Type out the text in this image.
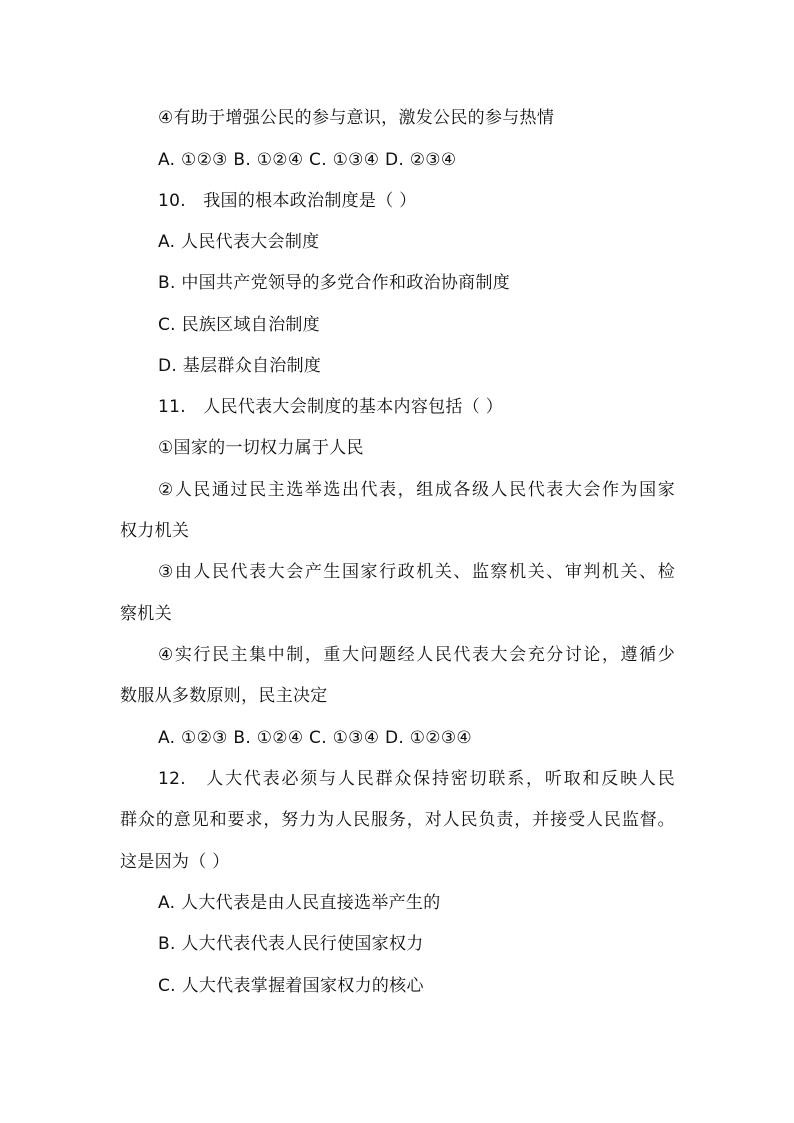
④有助于增强公民的参与意识，激发公民的参与热情
A. ①②③ B. ①②④ C. ①③④ D. ②③④
10.　我国的根本政治制度是（ ）
A. 人民代表大会制度
B. 中国共产党领导的多党合作和政治协商制度
C. 民族区域自治制度
D. 基层群众自治制度
11.　人民代表大会制度的基本内容包括（ ）
①国家的一切权力属于人民
②人民通过民主选举选出代表，组成各级人民代表大会作为国家
权力机关
③由人民代表大会产生国家行政机关、监察机关、审判机关、检
察机关
④实行民主集中制，重大问题经人民代表大会充分讨论，遵循少
数服从多数原则，民主决定
A. ①②③ B. ①②④ C. ①③④ D. ①②③④
12.　人大代表必须与人民群众保持密切联系，听取和反映人民
群众的意见和要求，努力为人民服务，对人民负责，并接受人民监督。
这是因为（ ）
A. 人大代表是由人民直接选举产生的
B. 人大代表代表人民行使国家权力
C. 人大代表掌握着国家权力的核心
